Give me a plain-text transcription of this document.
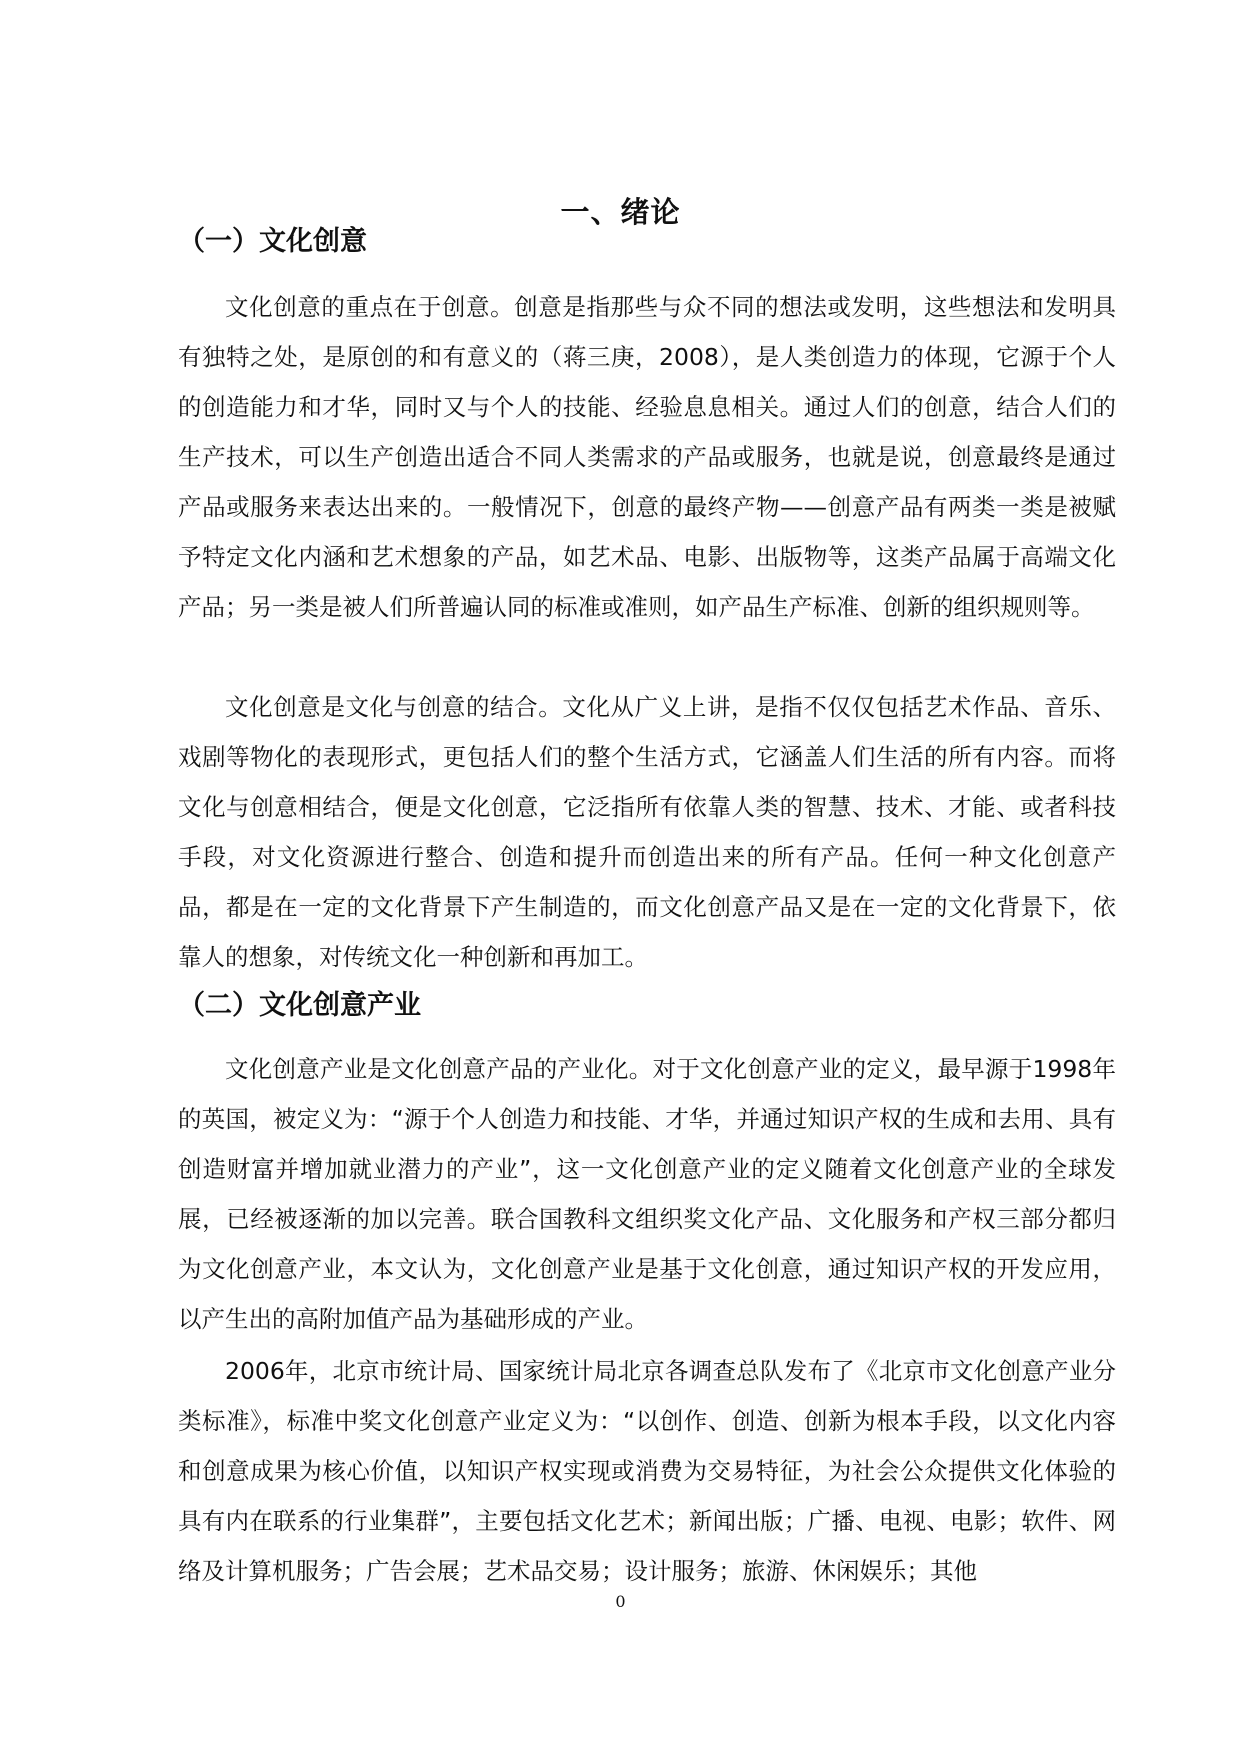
一、绪论
（一）文化创意

文化创意的重点在于创意。创意是指那些与众不同的想法或发明，这些想法和发明具有独特之处，是原创的和有意义的（蒋三庚，2008），是人类创造力的体现，它源于个人的创造能力和才华，同时又与个人的技能、经验息息相关。通过人们的创意，结合人们的生产技术，可以生产创造出适合不同人类需求的产品或服务，也就是说，创意最终是通过产品或服务来表达出来的。一般情况下，创意的最终产物——创意产品有两类一类是被赋予特定文化内涵和艺术想象的产品，如艺术品、电影、出版物等，这类产品属于高端文化产品；另一类是被人们所普遍认同的标准或准则，如产品生产标准、创新的组织规则等。

文化创意是文化与创意的结合。文化从广义上讲，是指不仅仅包括艺术作品、音乐、戏剧等物化的表现形式，更包括人们的整个生活方式，它涵盖人们生活的所有内容。而将文化与创意相结合，便是文化创意，它泛指所有依靠人类的智慧、技术、才能、或者科技手段，对文化资源进行整合、创造和提升而创造出来的所有产品。任何一种文化创意产品，都是在一定的文化背景下产生制造的，而文化创意产品又是在一定的文化背景下，依靠人的想象，对传统文化一种创新和再加工。

（二）文化创意产业

文化创意产业是文化创意产品的产业化。对于文化创意产业的定义，最早源于1998年的英国，被定义为：“源于个人创造力和技能、才华，并通过知识产权的生成和去用、具有创造财富并增加就业潜力的产业”，这一文化创意产业的定义随着文化创意产业的全球发展，已经被逐渐的加以完善。联合国教科文组织奖文化产品、文化服务和产权三部分都归为文化创意产业，本文认为，文化创意产业是基于文化创意，通过知识产权的开发应用，以产生出的高附加值产品为基础形成的产业。

2006年，北京市统计局、国家统计局北京各调查总队发布了《北京市文化创意产业分类标准》，标准中奖文化创意产业定义为：“以创作、创造、创新为根本手段，以文化内容和创意成果为核心价值，以知识产权实现或消费为交易特征，为社会公众提供文化体验的具有内在联系的行业集群”，主要包括文化艺术；新闻出版；广播、电视、电影；软件、网络及计算机服务；广告会展；艺术品交易；设计服务；旅游、休闲娱乐；其他

0
